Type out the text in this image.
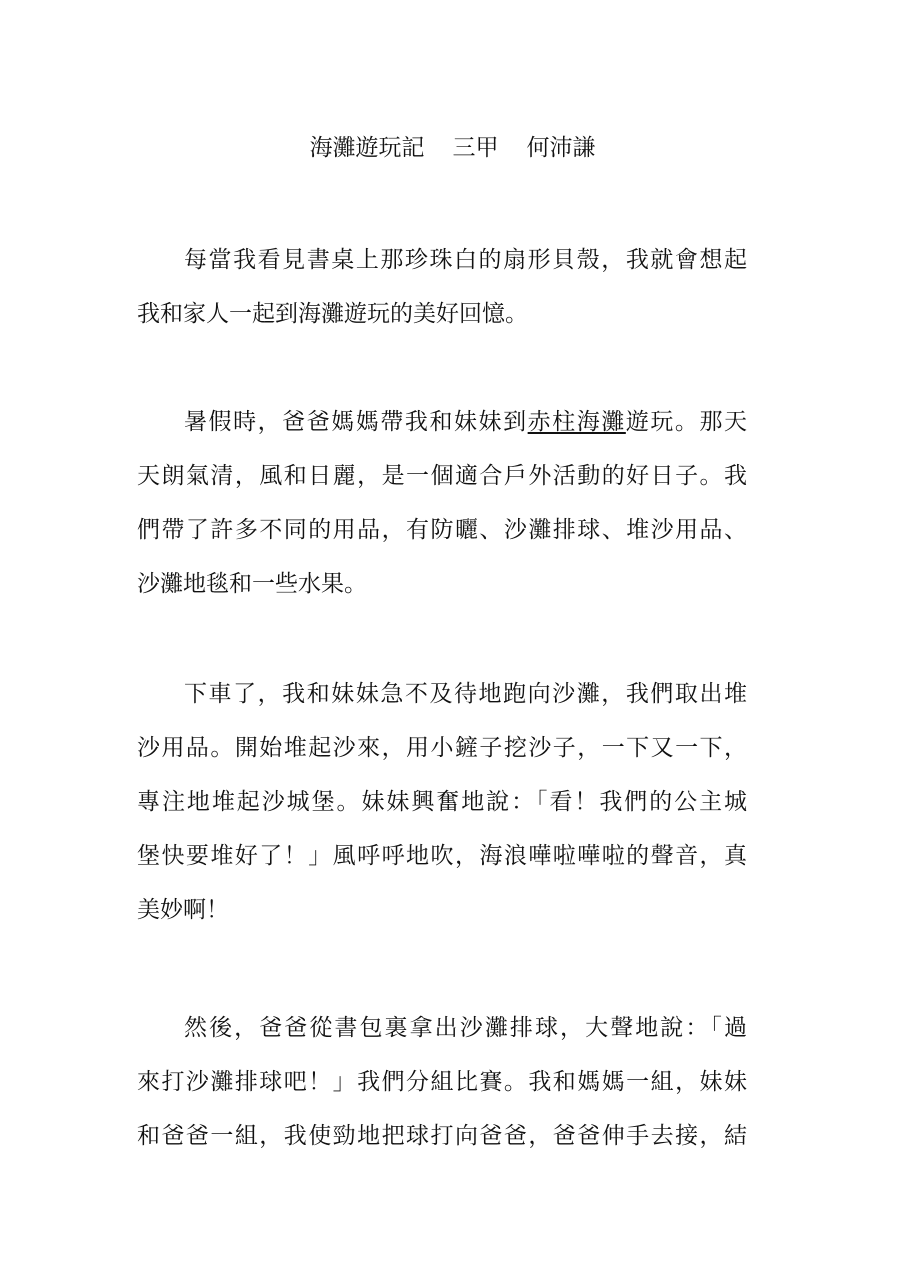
海灘遊玩記 三甲 何沛謙

每當我看見書桌上那珍珠白的扇形貝殼，我就會想起
我和家人一起到海灘遊玩的美好回憶。

暑假時，爸爸媽媽帶我和妹妹到赤柱海灘遊玩。那天
天朗氣清，風和日麗，是一個適合戶外活動的好日子。我
們帶了許多不同的用品，有防曬、沙灘排球、堆沙用品、
沙灘地毯和一些水果。

下車了，我和妹妹急不及待地跑向沙灘，我們取出堆
沙用品。開始堆起沙來，用小鏟子挖沙子，一下又一下，
專注地堆起沙城堡。妹妹興奮地說：「看！我們的公主城
堡快要堆好了！」風呼呼地吹，海浪嘩啦嘩啦的聲音，真
美妙啊！

然後，爸爸從書包裏拿出沙灘排球，大聲地說：「過
來打沙灘排球吧！」我們分組比賽。我和媽媽一組，妹妹
和爸爸一組，我使勁地把球打向爸爸，爸爸伸手去接，結
